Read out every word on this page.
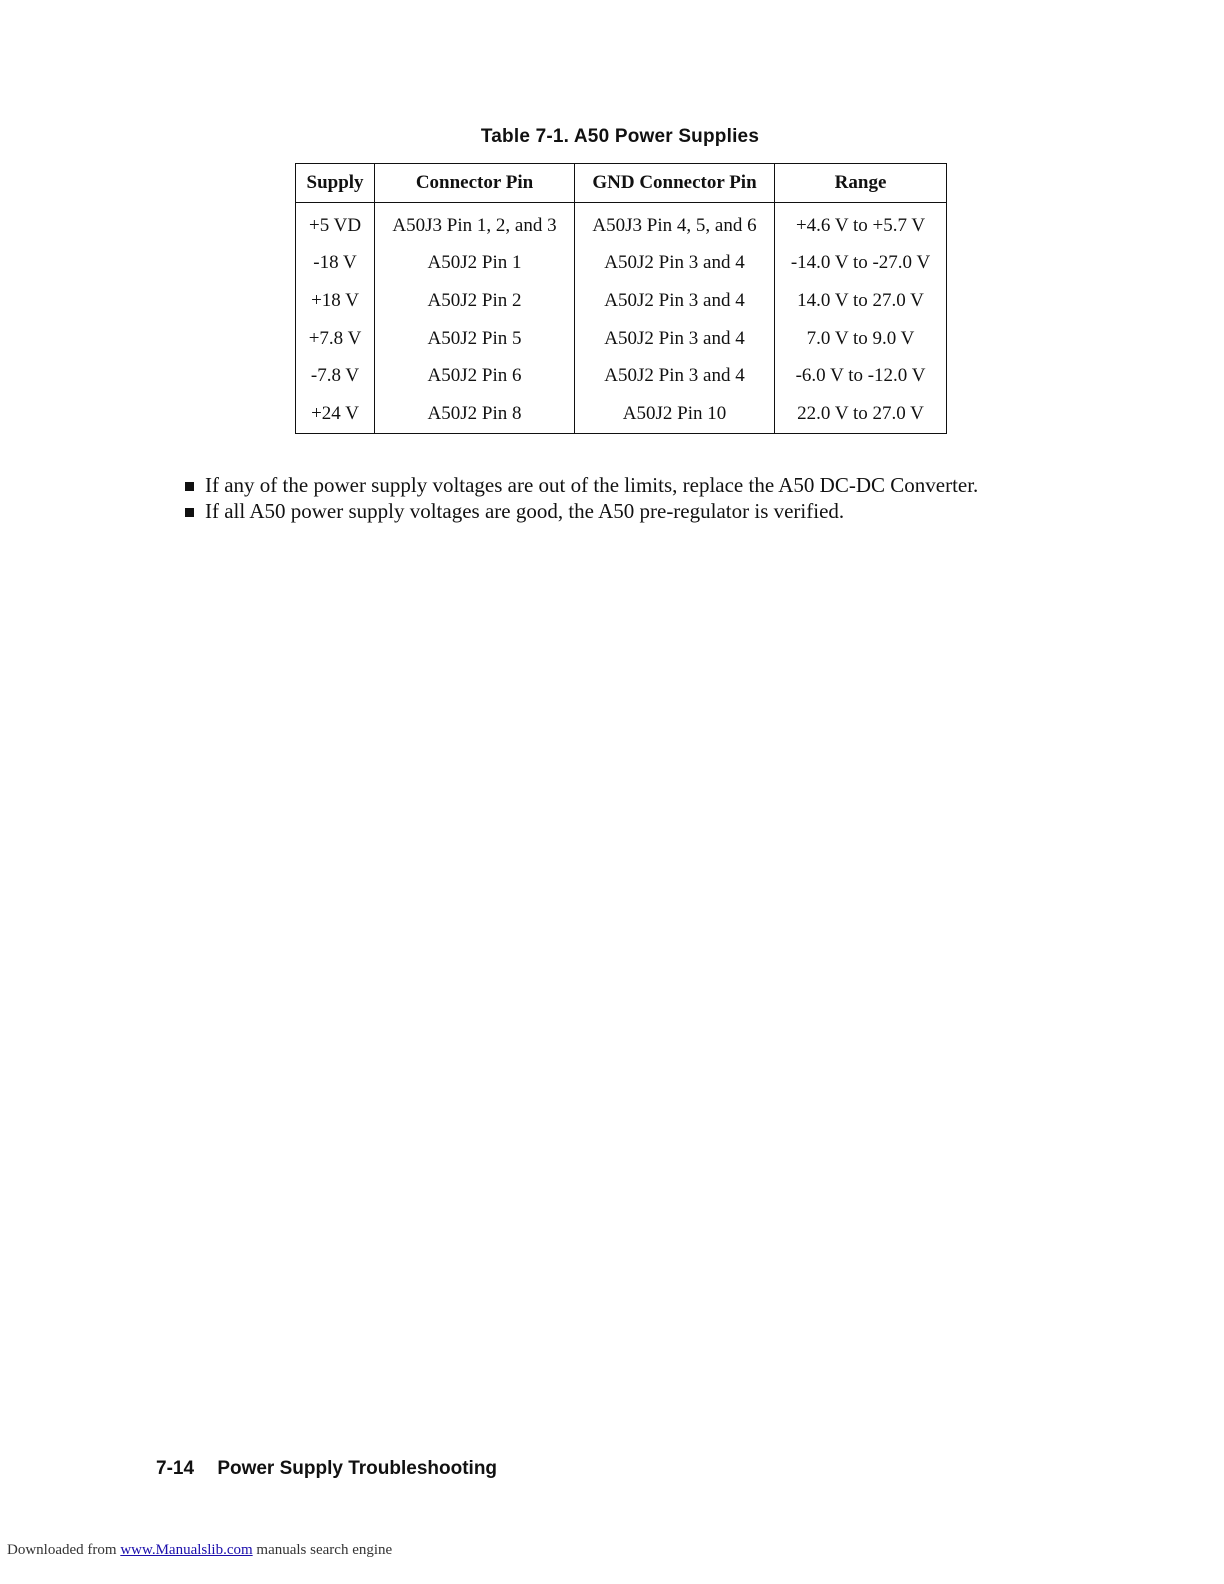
Table 7-1. A50 Power Supplies
Supply	Connector Pin	GND Connector Pin	Range
+5 VD	A50J3 Pin 1, 2, and 3	A50J3 Pin 4, 5, and 6	+4.6 V to +5.7 V
-18 V	A50J2 Pin 1	A50J2 Pin 3 and 4	-14.0 V to -27.0 V
+18 V	A50J2 Pin 2	A50J2 Pin 3 and 4	14.0 V to 27.0 V
+7.8 V	A50J2 Pin 5	A50J2 Pin 3 and 4	7.0 V to 9.0 V
-7.8 V	A50J2 Pin 6	A50J2 Pin 3 and 4	-6.0 V to -12.0 V
+24 V	A50J2 Pin 8	A50J2 Pin 10	22.0 V to 27.0 V
If any of the power supply voltages are out of the limits, replace the A50 DC-DC Converter.
If all A50 power supply voltages are good, the A50 pre-regulator is verified.
7-14 Power Supply Troubleshooting
Downloaded from www.Manualslib.com manuals search engine
